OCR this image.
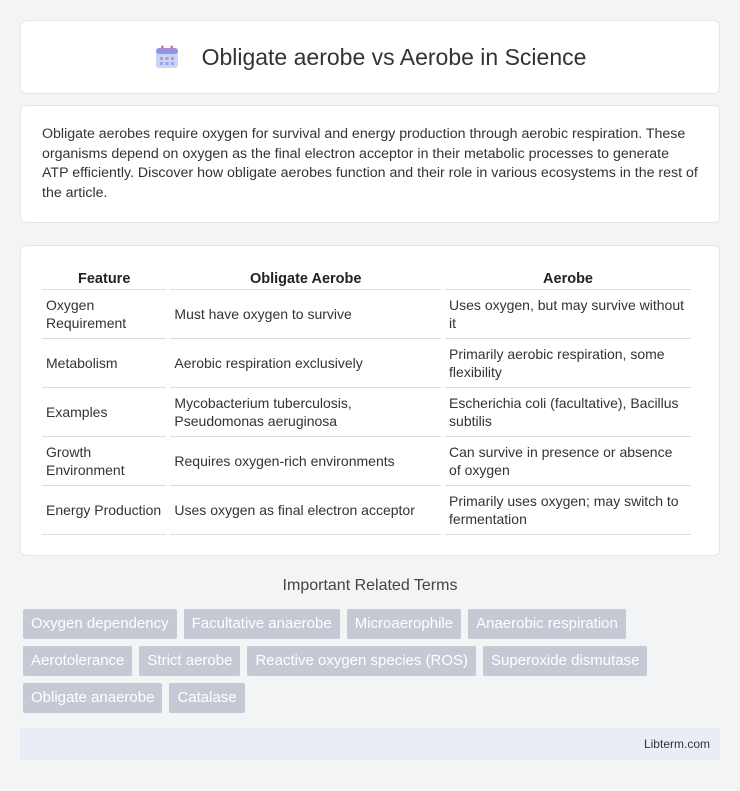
Obligate aerobe vs Aerobe in Science

Obligate aerobes require oxygen for survival and energy production through aerobic respiration. These organisms depend on oxygen as the final electron acceptor in their metabolic processes to generate ATP efficiently. Discover how obligate aerobes function and their role in various ecosystems in the rest of the article.

Feature	Obligate Aerobe	Aerobe
Oxygen Requirement	Must have oxygen to survive	Uses oxygen, but may survive without it
Metabolism	Aerobic respiration exclusively	Primarily aerobic respiration, some flexibility
Examples	Mycobacterium tuberculosis, Pseudomonas aeruginosa	Escherichia coli (facultative), Bacillus subtilis
Growth Environment	Requires oxygen-rich environments	Can survive in presence or absence of oxygen
Energy Production	Uses oxygen as final electron acceptor	Primarily uses oxygen; may switch to fermentation
Important Related Terms
Oxygen dependency	Facultative anaerobe	Microaerophile	Anaerobic respiration
Aerotolerance	Strict aerobe	Reactive oxygen species (ROS)	Superoxide dismutase
Obligate anaerobe	Catalase
Libterm.com
